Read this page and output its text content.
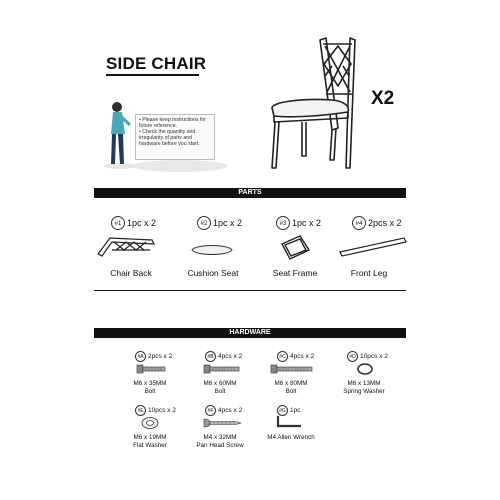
SIDE CHAIR
X2
• Please keep instructions for
future reference.
• Check the quantity and
irregularity of parts and
hardware before you start.
PARTS
#1 1pc x 2
Chair Back
#2 1pc x 2
Cushion Seat
#3 1pc x 2
Seat Frame
#4 2pcs x 2
Front Leg
HARDWARE
#A 2pcs x 2
M6 x 35MM
Bolt
#B 4pcs x 2
M6 x 60MM
Bolt
#C 4pcs x 2
M6 x 80MM
Bolt
#D 10pcs x 2
M6 x 13MM
Spring Washer
#E 10pcs x 2
M6 x 19MM
Flat Washer
#F 4pcs x 2
M4 x 32MM
Pan Head Screw
#G 1pc
M4 Allen Wrench
